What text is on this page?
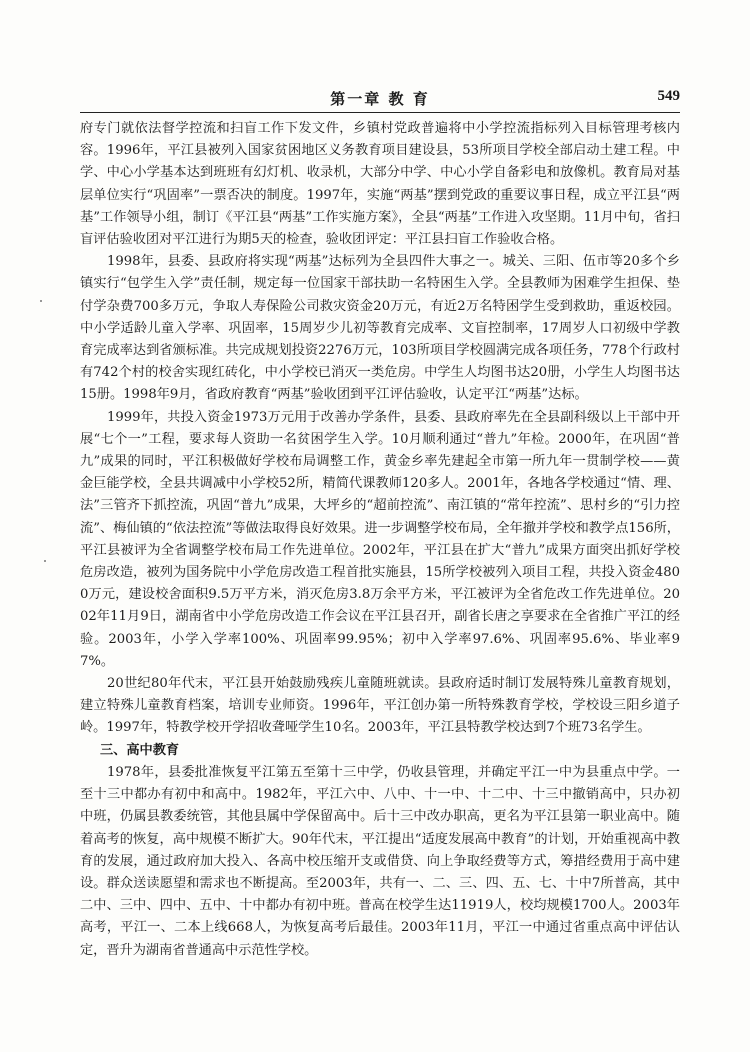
第一章 教 育	549

府专门就依法督学控流和扫盲工作下发文件，乡镇村党政普遍将中小学控流指标列入目标管理考核内容。1996年，平江县被列入国家贫困地区义务教育项目建设县，53所项目学校全部启动土建工程。中学、中心小学基本达到班班有幻灯机、收录机，大部分中学、中心小学自备彩电和放像机。教育局对基层单位实行“巩固率”一票否决的制度。1997年，实施“两基”摆到党政的重要议事日程，成立平江县“两基”工作领导小组，制订《平江县“两基”工作实施方案》，全县“两基”工作进入攻坚期。11月中旬，省扫盲评估验收团对平江进行为期5天的检查，验收团评定：平江县扫盲工作验收合格。

1998年，县委、县政府将实现“两基”达标列为全县四件大事之一。城关、三阳、伍市等20多个乡镇实行“包学生入学”责任制，规定每一位国家干部扶助一名特困生入学。全县教师为困难学生担保、垫付学杂费700多万元，争取人寿保险公司救灾资金20万元，有近2万名特困学生受到救助，重返校园。中小学适龄儿童入学率、巩固率，15周岁少儿初等教育完成率、文盲控制率，17周岁人口初级中学教育完成率达到省颁标准。共完成规划投资2276万元，103所项目学校圆满完成各项任务，778个行政村有742个村的校舍实现红砖化，中小学校已消灭一类危房。中学生人均图书达20册，小学生人均图书达15册。1998年9月，省政府教育“两基”验收团到平江评估验收，认定平江“两基”达标。

1999年，共投入资金1973万元用于改善办学条件，县委、县政府率先在全县副科级以上干部中开展“七个一”工程，要求每人资助一名贫困学生入学。10月顺利通过“普九”年检。2000年，在巩固“普九”成果的同时，平江积极做好学校布局调整工作，黄金乡率先建起全市第一所九年一贯制学校——黄金巨能学校，全县共调减中小学校52所，精简代课教师120多人。2001年，各地各学校通过“情、理、法”三管齐下抓控流，巩固“普九”成果，大坪乡的“超前控流”、南江镇的“常年控流”、思村乡的“引力控流”、梅仙镇的“依法控流”等做法取得良好效果。进一步调整学校布局，全年撤并学校和教学点156所，平江县被评为全省调整学校布局工作先进单位。2002年，平江县在扩大“普九”成果方面突出抓好学校危房改造，被列为国务院中小学危房改造工程首批实施县，15所学校被列入项目工程，共投入资金4800万元，建设校舍面积9.5万平方米，消灭危房3.8万余平方米，平江被评为全省危改工作先进单位。2002年11月9日，湖南省中小学危房改造工作会议在平江县召开，副省长唐之享要求在全省推广平江的经验。2003年，小学入学率100%、巩固率99.95%；初中入学率97.6%、巩固率95.6%、毕业率97%。

20世纪80年代末，平江县开始鼓励残疾儿童随班就读。县政府适时制订发展特殊儿童教育规划，建立特殊儿童教育档案，培训专业师资。1996年，平江创办第一所特殊教育学校，学校设三阳乡道子岭。1997年，特教学校开学招收聋哑学生10名。2003年，平江县特教学校达到7个班73名学生。

三、高中教育

1978年，县委批准恢复平江第五至第十三中学，仍收县管理，并确定平江一中为县重点中学。一至十三中都办有初中和高中。1982年，平江六中、八中、十一中、十二中、十三中撤销高中，只办初中班，仍属县教委统管，其他县属中学保留高中。后十三中改办职高，更名为平江县第一职业高中。随着高考的恢复，高中规模不断扩大。90年代末，平江提出“适度发展高中教育”的计划，开始重视高中教育的发展，通过政府加大投入、各高中校压缩开支或借贷、向上争取经费等方式，筹措经费用于高中建设。群众送读愿望和需求也不断提高。至2003年，共有一、二、三、四、五、七、十中7所普高，其中二中、三中、四中、五中、十中都办有初中班。普高在校学生达11919人，校均规模1700人。2003年高考，平江一、二本上线668人，为恢复高考后最佳。2003年11月，平江一中通过省重点高中评估认定，晋升为湖南省普通高中示范性学校。
